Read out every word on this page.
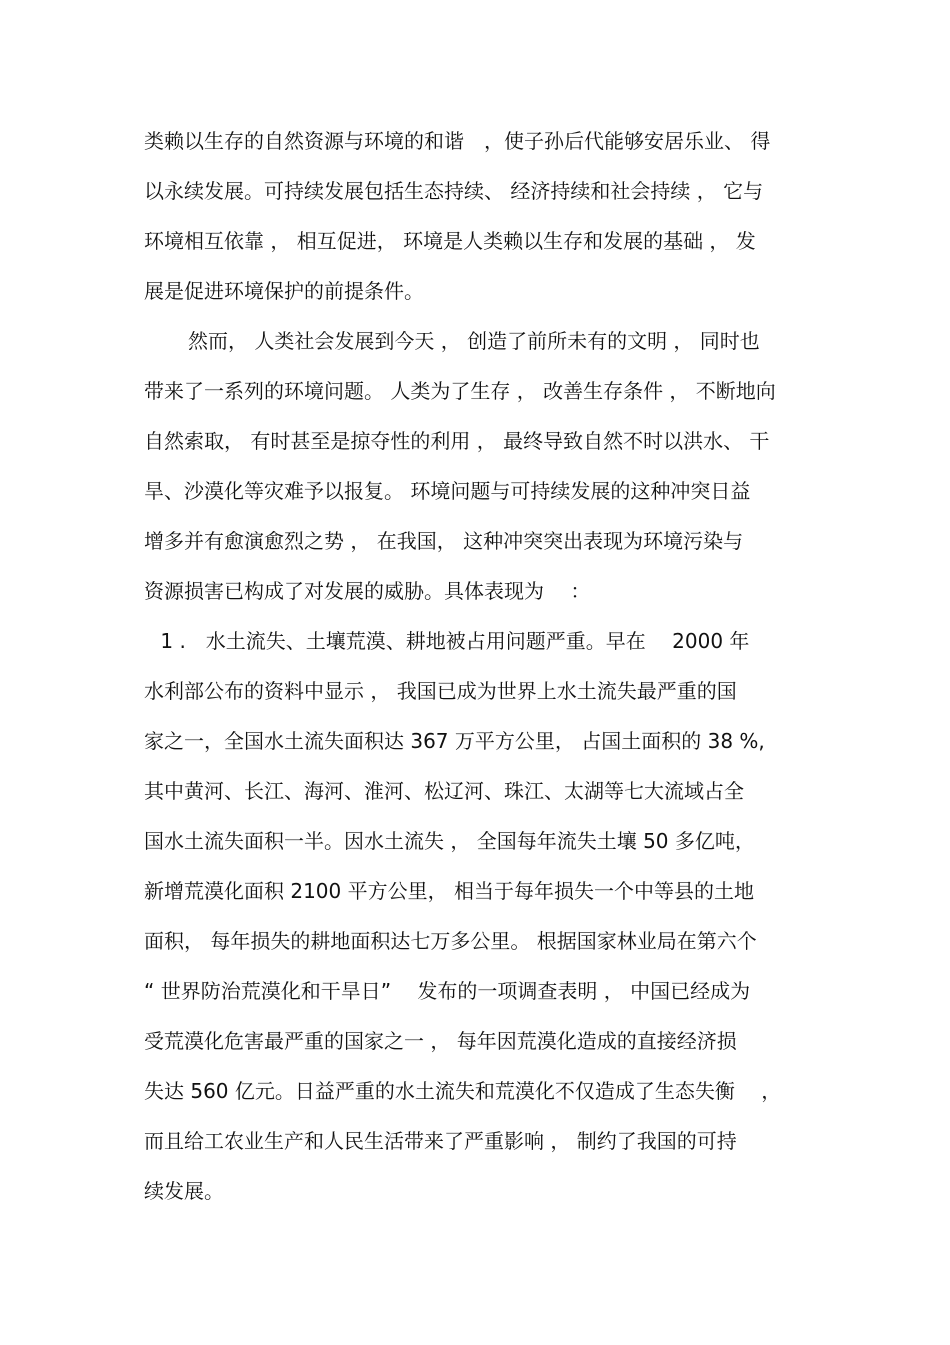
类赖以生存的自然资源与环境的和谐　，使子孙后代能够安居乐业、 得
以永续发展。可持续发展包括生态持续、 经济持续和社会持续 ， 它与
环境相互依靠 ， 相互促进， 环境是人类赖以生存和发展的基础 ， 发
展是促进环境保护的前提条件。
　然而， 人类社会发展到今天 ， 创造了前所未有的文明 ， 同时也
带来了一系列的环境问题。 人类为了生存 ， 改善生存条件 ， 不断地向
自然索取， 有时甚至是掠夺性的利用 ， 最终导致自然不时以洪水、 干
旱、沙漠化等灾难予以报复。 环境问题与可持续发展的这种冲突日益
增多并有愈演愈烈之势 ， 在我国， 这种冲突突出表现为环境污染与
资源损害已构成了对发展的威胁。具体表现为　 ：
1 .　水土流失、土壤荒漠、耕地被占用问题严重。早在　 2000 年
水利部公布的资料中显示 ， 我国已成为世界上水土流失最严重的国
家之一，全国水土流失面积达 367 万平方公里， 占国土面积的 38 %,
其中黄河、长江、海河、淮河、松辽河、珠江、太湖等七大流域占全
国水土流失面积一半。因水土流失 ， 全国每年流失土壤 50 多亿吨，
新增荒漠化面积 2100 平方公里， 相当于每年损失一个中等县的土地
面积， 每年损失的耕地面积达七万多公里。 根据国家林业局在第六个
“ 世界防治荒漠化和干旱日”　 发布的一项调查表明 ， 中国已经成为
受荒漠化危害最严重的国家之一 ， 每年因荒漠化造成的直接经济损
失达 560 亿元。日益严重的水土流失和荒漠化不仅造成了生态失衡　 ，
而且给工农业生产和人民生活带来了严重影响 ， 制约了我国的可持
续发展。
